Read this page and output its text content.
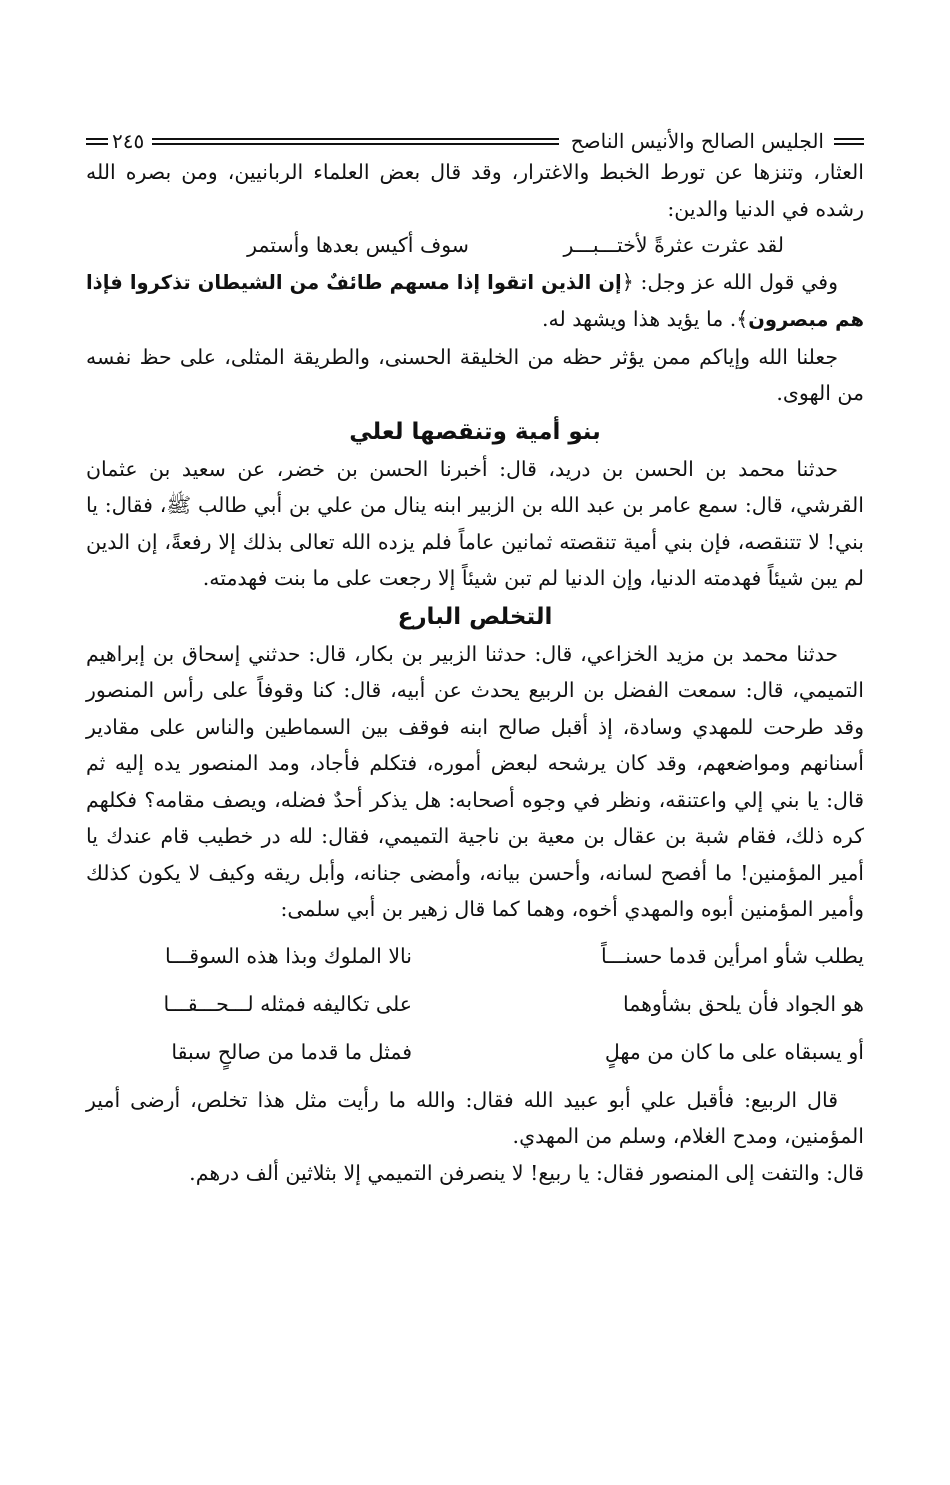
الجليس الصالح والأنيس الناصح
٢٤٥

العثار، وتنزها عن تورط الخبط والاغترار، وقد قال بعض العلماء الربانيين، ومن بصره الله رشده في الدنيا والدين:

لقد عثرت عثرةً لأختـــبـــر
سوف أكيس بعدها وأستمر

وفي قول الله عز وجل: ﴿إن الذين اتقوا إذا مسهم طائفٌ من الشيطان تذكروا فإذا هم مبصرون﴾. ما يؤيد هذا ويشهد له.

جعلنا الله وإياكم ممن يؤثر حظه من الخليقة الحسنى، والطريقة المثلى، على حظ نفسه من الهوى.

بنو أمية وتنقصها لعلي

حدثنا محمد بن الحسن بن دريد، قال: أخبرنا الحسن بن خضر، عن سعيد بن عثمان القرشي، قال: سمع عامر بن عبد الله بن الزبير ابنه ينال من علي بن أبي طالب ﷺ، فقال: يا بني! لا تتنقصه، فإن بني أمية تنقصته ثمانين عاماً فلم يزده الله تعالى بذلك إلا رفعةً، إن الدين لم يبن شيئاً فهدمته الدنيا، وإن الدنيا لم تبن شيئاً إلا رجعت على ما بنت فهدمته.

التخلص البارع

حدثنا محمد بن مزيد الخزاعي، قال: حدثنا الزبير بن بكار، قال: حدثني إسحاق بن إبراهيم التميمي، قال: سمعت الفضل بن الربيع يحدث عن أبيه، قال: كنا وقوفاً على رأس المنصور وقد طرحت للمهدي وسادة، إذ أقبل صالح ابنه فوقف بين السماطين والناس على مقادير أسنانهم ومواضعهم، وقد كان يرشحه لبعض أموره، فتكلم فأجاد، ومد المنصور يده إليه ثم قال: يا بني إلي واعتنقه، ونظر في وجوه أصحابه: هل يذكر أحدٌ فضله، ويصف مقامه؟ فكلهم كره ذلك، فقام شبة بن عقال بن معية بن ناجية التميمي، فقال: لله در خطيب قام عندك يا أمير المؤمنين! ما أفصح لسانه، وأحسن بيانه، وأمضى جنانه، وأبل ريقه وكيف لا يكون كذلك وأمير المؤمنين أبوه والمهدي أخوه، وهما كما قال زهير بن أبي سلمى:

يطلب شأو امرأين قدما حسنـــاً
نالا الملوك وبذا هذه السوقـــا
هو الجواد فأن يلحق بشأوهما
على تكاليفه فمثله لـــحـــقـــا
أو يسبقاه على ما كان من مهلٍ
فمثل ما قدما من صالحٍ سبقا

قال الربيع: فأقبل علي أبو عبيد الله فقال: والله ما رأيت مثل هذا تخلص، أرضى أمير المؤمنين، ومدح الغلام، وسلم من المهدي.

قال: والتفت إلى المنصور فقال: يا ربيع! لا ينصرفن التميمي إلا بثلاثين ألف درهم.
